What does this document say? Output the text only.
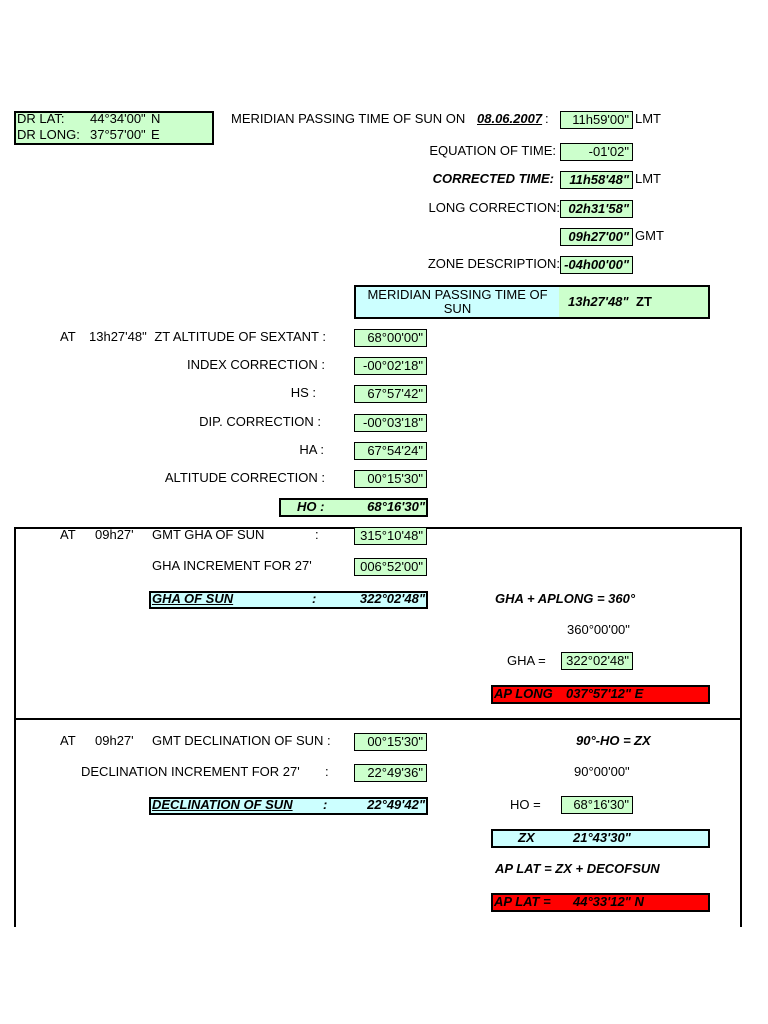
DR LAT: 44°34'00" N
DR LONG: 37°57'00" E
MERIDIAN PASSING TIME OF SUN ON 08.06.2007 :	11h59'00" LMT
EQUATION OF TIME:	-01'02"
CORRECTED TIME:	11h58'48" LMT
LONG CORRECTION: 02h31'58"
09h27'00" GMT
ZONE DESCRIPTION: -04h00'00"
MERIDIAN PASSING TIME OF SUN	13h27'48" ZT
AT 13h27'48" ZT ALTITUDE OF SEXTANT :	68°00'00"
INDEX CORRECTION :	-00°02'18"
HS :	67°57'42"
DIP. CORRECTION :	-00°03'18"
HA :	67°54'24"
ALTITUDE CORRECTION :	00°15'30"
HO :	68°16'30"
AT 09h27' GMT GHA OF SUN	:	315°10'48"
GHA INCREMENT FOR 27'	006°52'00"
GHA OF SUN	:	322°02'48"	GHA + APLONG = 360°
360°00'00"
GHA =	322°02'48"
AP LONG 037°57'12" E
AT 09h27' GMT DECLINATION OF SUN :	00°15'30"
DECLINATION INCREMENT FOR 27' :	22°49'36"
DECLINATION OF SUN :	22°49'42"
90°-HO = ZX
90°00'00"
HO =	68°16'30"
ZX	21°43'30"
AP LAT = ZX + DECOFSUN
AP LAT = 44°33'12" N
